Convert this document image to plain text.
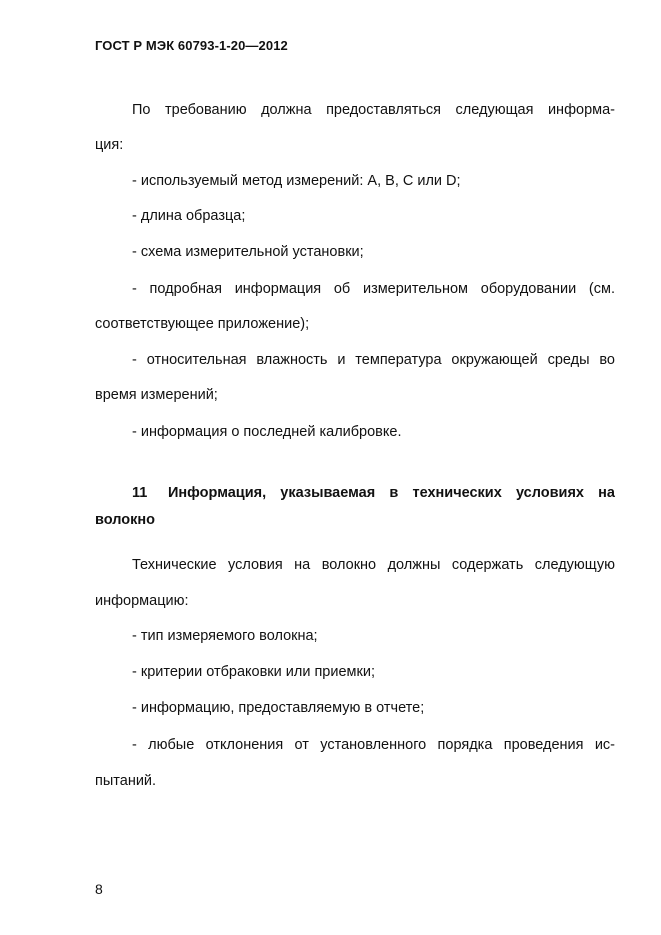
ГОСТ Р МЭК 60793-1-20—2012
По требованию должна предоставляться следующая информа-
ция:
- используемый метод измерений: А, В, С или D;
- длина образца;
- схема измерительной установки;
- подробная информация об измерительном оборудовании (см.
соответствующее приложение);
- относительная влажность и температура окружающей среды во
время измерений;
- информация о последней калибровке.
11	Информация, указываемая в технических условиях на
волокно
Технические условия на волокно должны содержать следующую
информацию:
- тип измеряемого волокна;
- критерии отбраковки или приемки;
- информацию, предоставляемую в отчете;
- любые отклонения от установленного порядка проведения ис-
пытаний.
8
